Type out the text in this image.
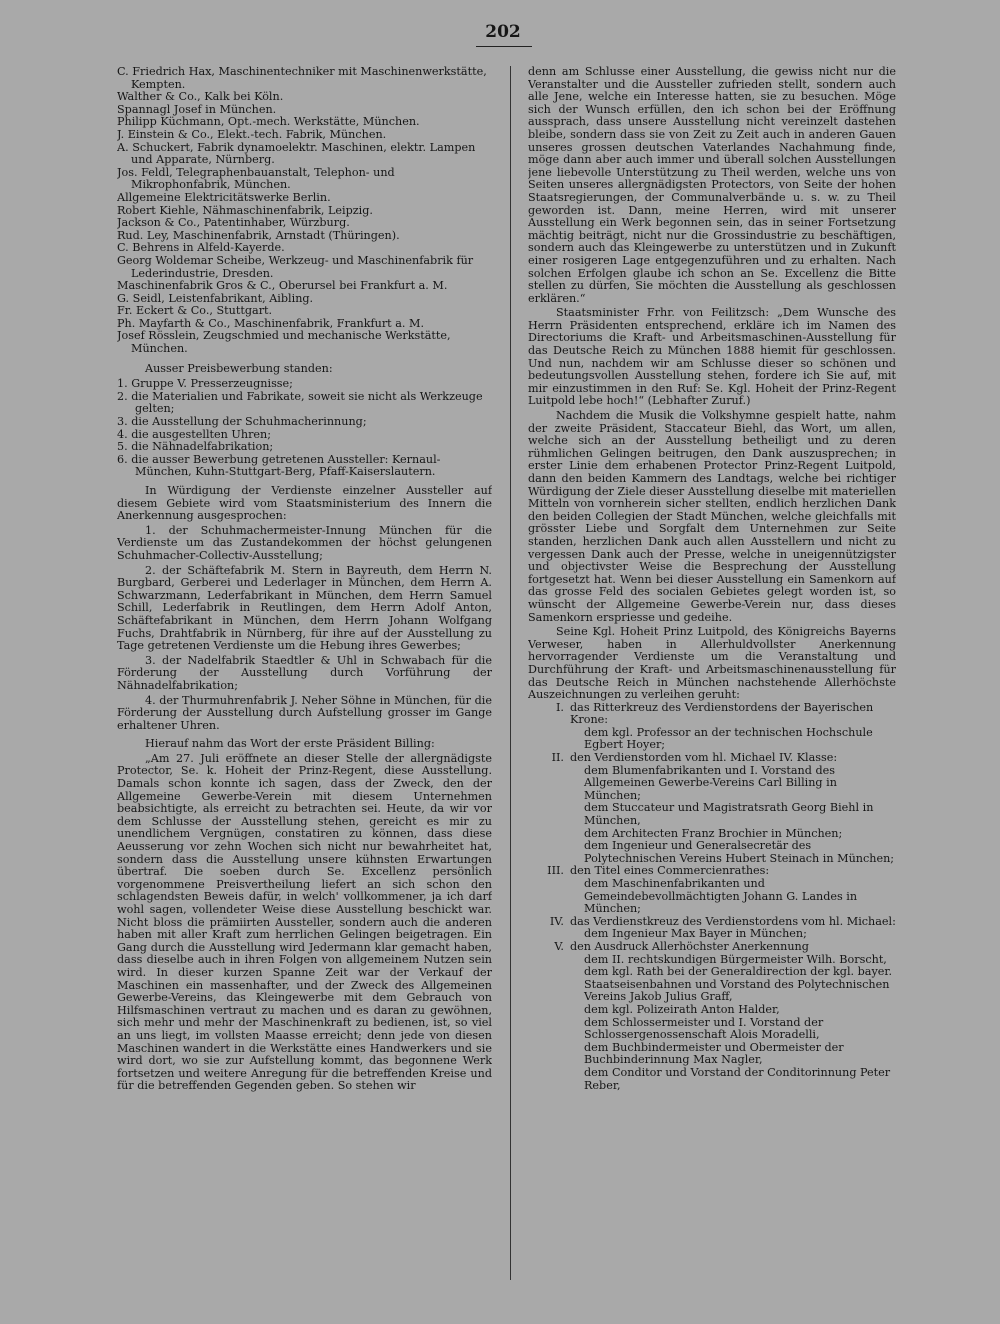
202

C. Friedrich Hax, Maschinentechniker mit Maschinenwerkstätte, Kempten.

Walther & Co., Kalk bei Köln.

Spannagl Josef in München.

Philipp Küchmann, Opt.-mech. Werkstätte, München.

J. Einstein & Co., Elekt.-tech. Fabrik, München.

A. Schuckert, Fabrik dynamoelektr. Maschinen, elektr. Lampen und Apparate, Nürnberg.

Jos. Feldl, Telegraphenbauanstalt, Telephon- und Mikrophonfabrik, München.

Allgemeine Elektricitätswerke Berlin.

Robert Kiehle, Nähmaschinenfabrik, Leipzig.

Jackson & Co., Patentinhaber, Würzburg.

Rud. Ley, Maschinenfabrik, Arnstadt (Thüringen).

C. Behrens in Alfeld-Kayerde.

Georg Woldemar Scheibe, Werkzeug- und Maschinenfabrik für Lederindustrie, Dresden.

Maschinenfabrik Gros & C., Oberursel bei Frankfurt a. M.

G. Seidl, Leistenfabrikant, Aibling.

Fr. Eckert & Co., Stuttgart.

Ph. Mayfarth & Co., Maschinenfabrik, Frankfurt a. M.

Josef Rösslein, Zeugschmied und mechanische Werkstätte, München.

Ausser Preisbewerbung standen:

1. Gruppe V. Presserzeugnisse;
2. die Materialien und Fabrikate, soweit sie nicht als Werkzeuge gelten;
3. die Ausstellung der Schuhmacherinnung;
4. die ausgestellten Uhren;
5. die Nähnadelfabrikation;
6. die ausser Bewerbung getretenen Aussteller: Kernaul-München, Kuhn-Stuttgart-Berg, Pfaff-Kaiserslautern.

In Würdigung der Verdienste einzelner Aussteller auf diesem Gebiete wird vom Staatsministerium des Innern die Anerkennung ausgesprochen:

1. der Schuhmachermeister-Innung München für die Verdienste um das Zustandekommen der höchst gelungenen Schuhmacher-Collectiv-Ausstellung;

2. der Schäftefabrik M. Stern in Bayreuth, dem Herrn N. Burgbard, Gerberei und Lederlager in München, dem Herrn A. Schwarzmann, Lederfabrikant in München, dem Herrn Samuel Schill, Lederfabrik in Reutlingen, dem Herrn Adolf Anton, Schäftefabrikant in München, dem Herrn Johann Wolfgang Fuchs, Drahtfabrik in Nürnberg, für ihre auf der Ausstellung zu Tage getretenen Verdienste um die Hebung ihres Gewerbes;

3. der Nadelfabrik Staedtler & Uhl in Schwabach für die Förderung der Ausstellung durch Vorführung der Nähnadelfabrikation;

4. der Thurmuhrenfabrik J. Neher Söhne in München, für die Förderung der Ausstellung durch Aufstellung grosser im Gange erhaltener Uhren.

Hierauf nahm das Wort der erste Präsident Billing:

„Am 27. Juli eröffnete an dieser Stelle der allergnädigste Protector, Se. k. Hoheit der Prinz-Regent, diese Ausstellung. Damals schon konnte ich sagen, dass der Zweck, den der Allgemeine Gewerbe-Verein mit diesem Unternehmen beabsichtigte, als erreicht zu betrachten sei. Heute, da wir vor dem Schlusse der Ausstellung stehen, gereicht es mir zu unendlichem Vergnügen, constatiren zu können, dass diese Aeusserung vor zehn Wochen sich nicht nur bewahrheitet hat, sondern dass die Ausstellung unsere kühnsten Erwartungen übertraf. Die soeben durch Se. Excellenz persönlich vorgenommene Preisvertheilung liefert an sich schon den schlagendsten Beweis dafür, in welch' vollkommener, ja ich darf wohl sagen, vollendeter Weise diese Ausstellung beschickt war. Nicht bloss die prämiirten Aussteller, sondern auch die anderen haben mit aller Kraft zum herrlichen Gelingen beigetragen. Ein Gang durch die Ausstellung wird Jedermann klar gemacht haben, dass dieselbe auch in ihren Folgen von allgemeinem Nutzen sein wird. In dieser kurzen Spanne Zeit war der Verkauf der Maschinen ein massenhafter, und der Zweck des Allgemeinen Gewerbe-Vereins, das Kleingewerbe mit dem Gebrauch von Hilfsmaschinen vertraut zu machen und es daran zu gewöhnen, sich mehr und mehr der Maschinenkraft zu bedienen, ist, so viel an uns liegt, im vollsten Maasse erreicht; denn jede von diesen Maschinen wandert in die Werkstätte eines Handwerkers und sie wird dort, wo sie zur Aufstellung kommt, das begonnene Werk fortsetzen und weitere Anregung für die betreffenden Kreise und für die betreffenden Gegenden geben. So stehen wir

denn am Schlusse einer Ausstellung, die gewiss nicht nur die Veranstalter und die Aussteller zufrieden stellt, sondern auch alle Jene, welche ein Interesse hatten, sie zu besuchen. Möge sich der Wunsch erfüllen, den ich schon bei der Eröffnung aussprach, dass unsere Ausstellung nicht vereinzelt dastehen bleibe, sondern dass sie von Zeit zu Zeit auch in anderen Gauen unseres grossen deutschen Vaterlandes Nachahmung finde, möge dann aber auch immer und überall solchen Ausstellungen jene liebevolle Unterstützung zu Theil werden, welche uns von Seiten unseres allergnädigsten Protectors, von Seite der hohen Staatsregierungen, der Communalverbände u. s. w. zu Theil geworden ist. Dann, meine Herren, wird mit unserer Ausstellung ein Werk begonnen sein, das in seiner Fortsetzung mächtig beiträgt, nicht nur die Grossindustrie zu beschäftigen, sondern auch das Kleingewerbe zu unterstützen und in Zukunft einer rosigeren Lage entgegenzuführen und zu erhalten. Nach solchen Erfolgen glaube ich schon an Se. Excellenz die Bitte stellen zu dürfen, Sie möchten die Ausstellung als geschlossen erklären.“

Staatsminister Frhr. von Feilitzsch: „Dem Wunsche des Herrn Präsidenten entsprechend, erkläre ich im Namen des Directoriums die Kraft- und Arbeitsmaschinen-Ausstellung für das Deutsche Reich zu München 1888 hiemit für geschlossen. Und nun, nachdem wir am Schlusse dieser so schönen und bedeutungsvollen Ausstellung stehen, fordere ich Sie auf, mit mir einzustimmen in den Ruf: Se. Kgl. Hoheit der Prinz-Regent Luitpold lebe hoch!“ (Lebhafter Zuruf.)

Nachdem die Musik die Volkshymne gespielt hatte, nahm der zweite Präsident, Staccateur Biehl, das Wort, um allen, welche sich an der Ausstellung betheiligt und zu deren rühmlichen Gelingen beitrugen, den Dank auszusprechen; in erster Linie dem erhabenen Protector Prinz-Regent Luitpold, dann den beiden Kammern des Landtags, welche bei richtiger Würdigung der Ziele dieser Ausstellung dieselbe mit materiellen Mitteln von vornherein sicher stellten, endlich herzlichen Dank den beiden Collegien der Stadt München, welche gleichfalls mit grösster Liebe und Sorgfalt dem Unternehmen zur Seite standen, herzlichen Dank auch allen Ausstellern und nicht zu vergessen Dank auch der Presse, welche in uneigennützigster und objectivster Weise die Besprechung der Ausstellung fortgesetzt hat. Wenn bei dieser Ausstellung ein Samenkorn auf das grosse Feld des socialen Gebietes gelegt worden ist, so wünscht der Allgemeine Gewerbe-Verein nur, dass dieses Samenkorn erspriesse und gedeihe.

Seine Kgl. Hoheit Prinz Luitpold, des Königreichs Bayerns Verweser, haben in Allerhuldvollster Anerkennung hervorragender Verdienste um die Veranstaltung und Durchführung der Kraft- und Arbeitsmaschinenausstellung für das Deutsche Reich in München nachstehende Allerhöchste Auszeichnungen zu verleihen geruht:

I. das Ritterkreuz des Verdienstordens der Bayerischen Krone:
dem kgl. Professor an der technischen Hochschule Egbert Hoyer;
II. den Verdienstorden vom hl. Michael IV. Klasse:
dem Blumenfabrikanten und I. Vorstand des Allgemeinen Gewerbe-Vereins Carl Billing in München;
dem Stuccateur und Magistratsrath Georg Biehl in München,
dem Architecten Franz Brochier in München;
dem Ingenieur und Generalsecretär des Polytechnischen Vereins Hubert Steinach in München;
III. den Titel eines Commercienrathes:
dem Maschinenfabrikanten und Gemeindebevollmächtigten Johann G. Landes in München;
IV. das Verdienstkreuz des Verdienstordens vom hl. Michael:
dem Ingenieur Max Bayer in München;
V. den Ausdruck Allerhöchster Anerkennung
dem II. rechtskundigen Bürgermeister Wilh. Borscht,
dem kgl. Rath bei der Generaldirection der kgl. bayer. Staatseisenbahnen und Vorstand des Polytechnischen Vereins Jakob Julius Graff,
dem kgl. Polizeirath Anton Halder,
dem Schlossermeister und I. Vorstand der Schlossergenossenschaft Alois Moradelli,
dem Buchbindermeister und Obermeister der Buchbinderinnung Max Nagler,
dem Conditor und Vorstand der Conditorinnung Peter Reber,
